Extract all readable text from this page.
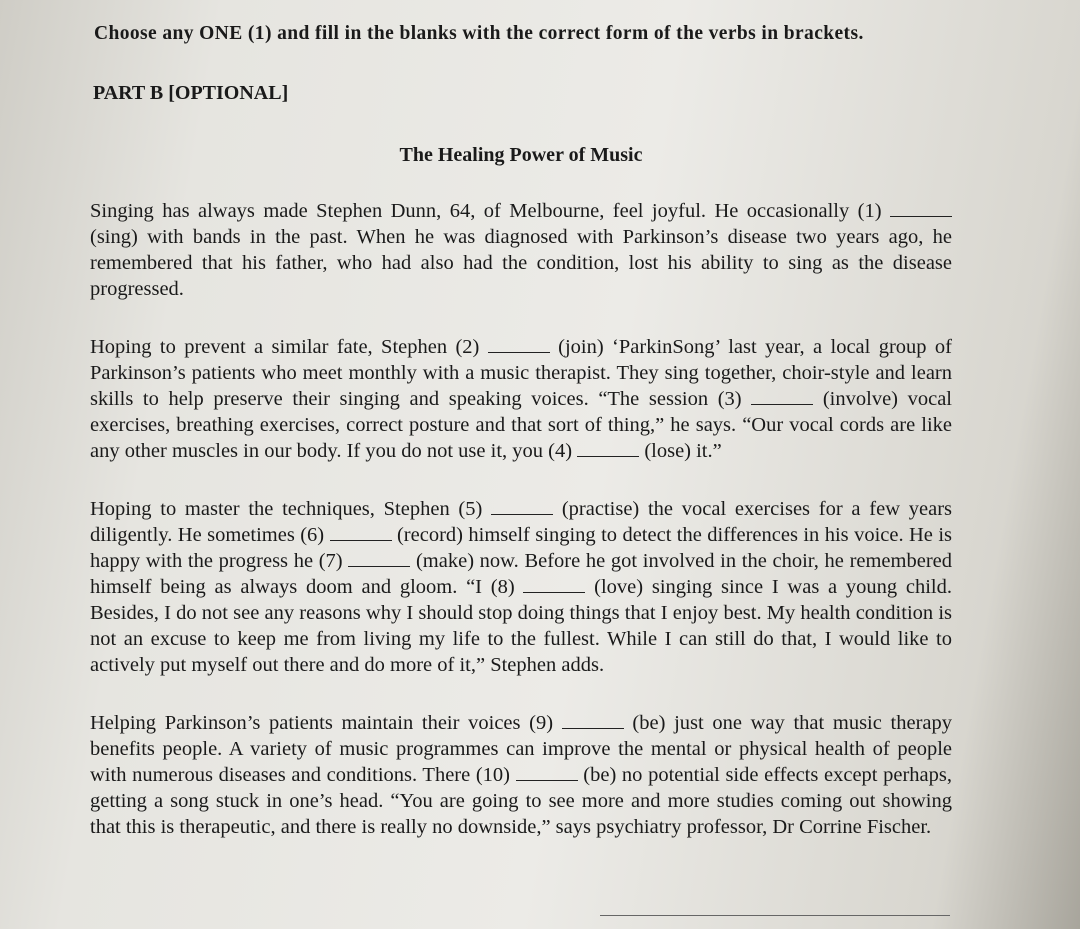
Choose any ONE (1) and fill in the blanks with the correct form of the verbs in brackets.

PART B [OPTIONAL]

The Healing Power of Music

Singing has always made Stephen Dunn, 64, of Melbourne, feel joyful. He occasionally (1)  (sing) with bands in the past. When he was diagnosed with Parkinson’s disease two years ago, he remembered that his father, who had also had the condition, lost his ability to sing as the disease progressed.

Hoping to prevent a similar fate, Stephen (2)	(join) ‘ParkinSong’ last year, a local group of Parkinson’s patients who meet monthly with a music therapist. They sing together, choir-style and learn skills to help preserve their singing and speaking voices. “The session (3)	(involve) vocal exercises, breathing exercises, correct posture and that sort of thing,” he says. “Our vocal cords are like any other muscles in our body. If you do not use it, you (4)	(lose) it.”

Hoping to master the techniques, Stephen (5)	(practise) the vocal exercises for a few years diligently. He sometimes (6)	(record) himself singing to detect the differences in his voice. He is happy with the progress he (7)	(make) now. Before he got involved in the choir, he remembered himself being as always doom and gloom. “I (8)	(love) singing since I was a young child. Besides, I do not see any reasons why I should stop doing things that I enjoy best. My health condition is not an excuse to keep me from living my life to the fullest. While I can still do that, I would like to actively put myself out there and do more of it,” Stephen adds.

Helping Parkinson’s patients maintain their voices (9)	(be) just one way that music therapy benefits people. A variety of music programmes can improve the mental or physical health of people with numerous diseases and conditions. There (10)	(be) no potential side effects except perhaps, getting a song stuck in one’s head. “You are going to see more and more studies coming out showing that this is therapeutic, and there is really no downside,” says psychiatry professor, Dr Corrine Fischer.
